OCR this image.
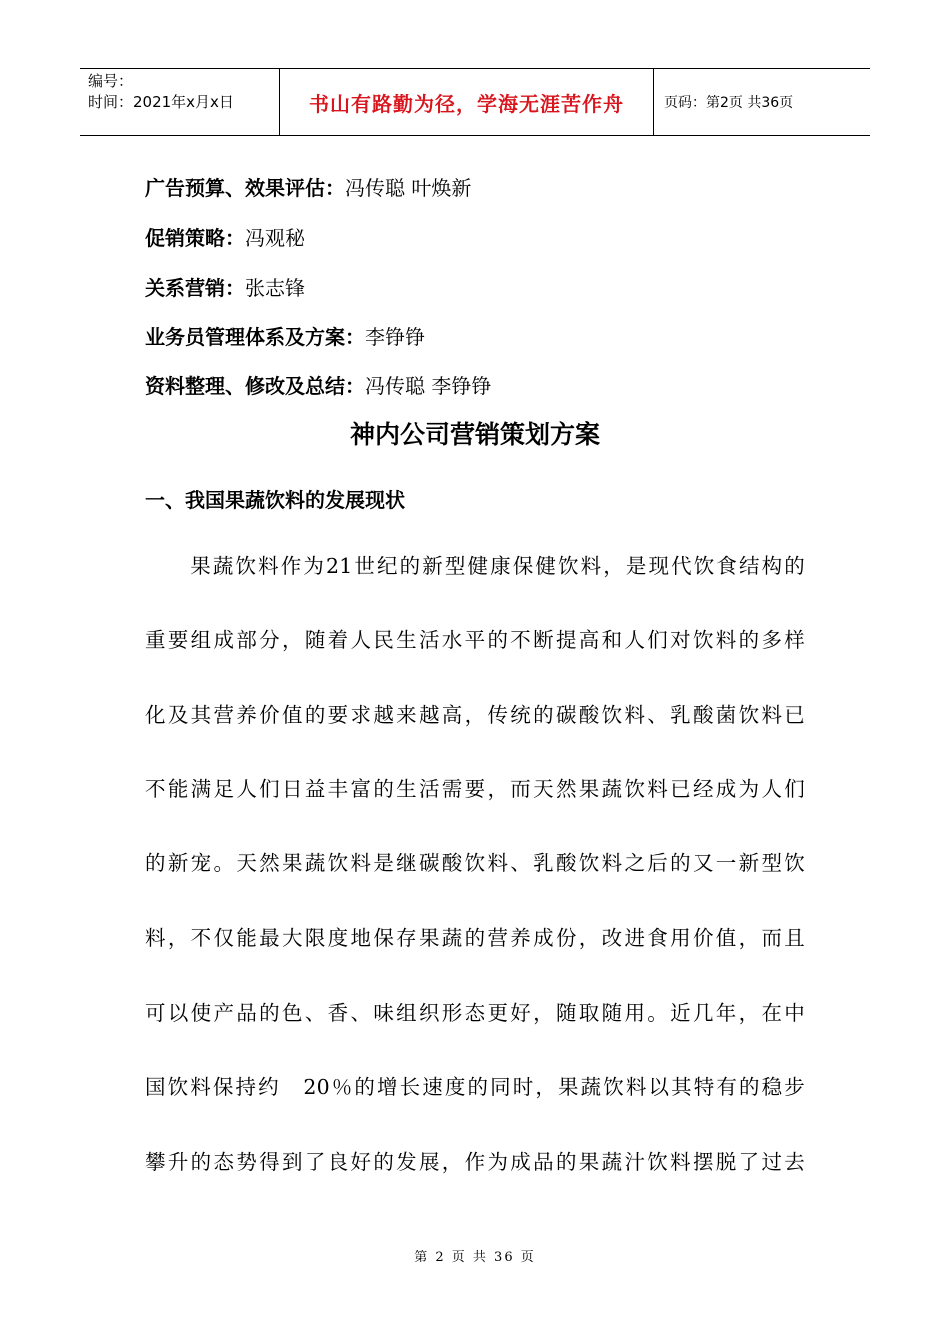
编号：
时间：2021年x月x日	书山有路勤为径，学海无涯苦作舟	页码：第2页 共36页
广告预算、效果评估：冯传聪 叶焕新
促销策略：冯观秘
关系营销：张志锋
业务员管理体系及方案：李铮铮
资料整理、修改及总结：冯传聪 李铮铮
神内公司营销策划方案
一、我国果蔬饮料的发展现状
　　果蔬饮料作为21世纪的新型健康保健饮料，是现代饮食结构的
重要组成部分，随着人民生活水平的不断提高和人们对饮料的多样
化及其营养价值的要求越来越高，传统的碳酸饮料、乳酸菌饮料已
不能满足人们日益丰富的生活需要，而天然果蔬饮料已经成为人们
的新宠。天然果蔬饮料是继碳酸饮料、乳酸饮料之后的又一新型饮
料，不仅能最大限度地保存果蔬的营养成份，改进食用价值，而且
可以使产品的色、香、味组织形态更好，随取随用。近几年，在中
国饮料保持约　20％的增长速度的同时，果蔬饮料以其特有的稳步
攀升的态势得到了良好的发展，作为成品的果蔬汁饮料摆脱了过去
第 2 页 共 36 页
